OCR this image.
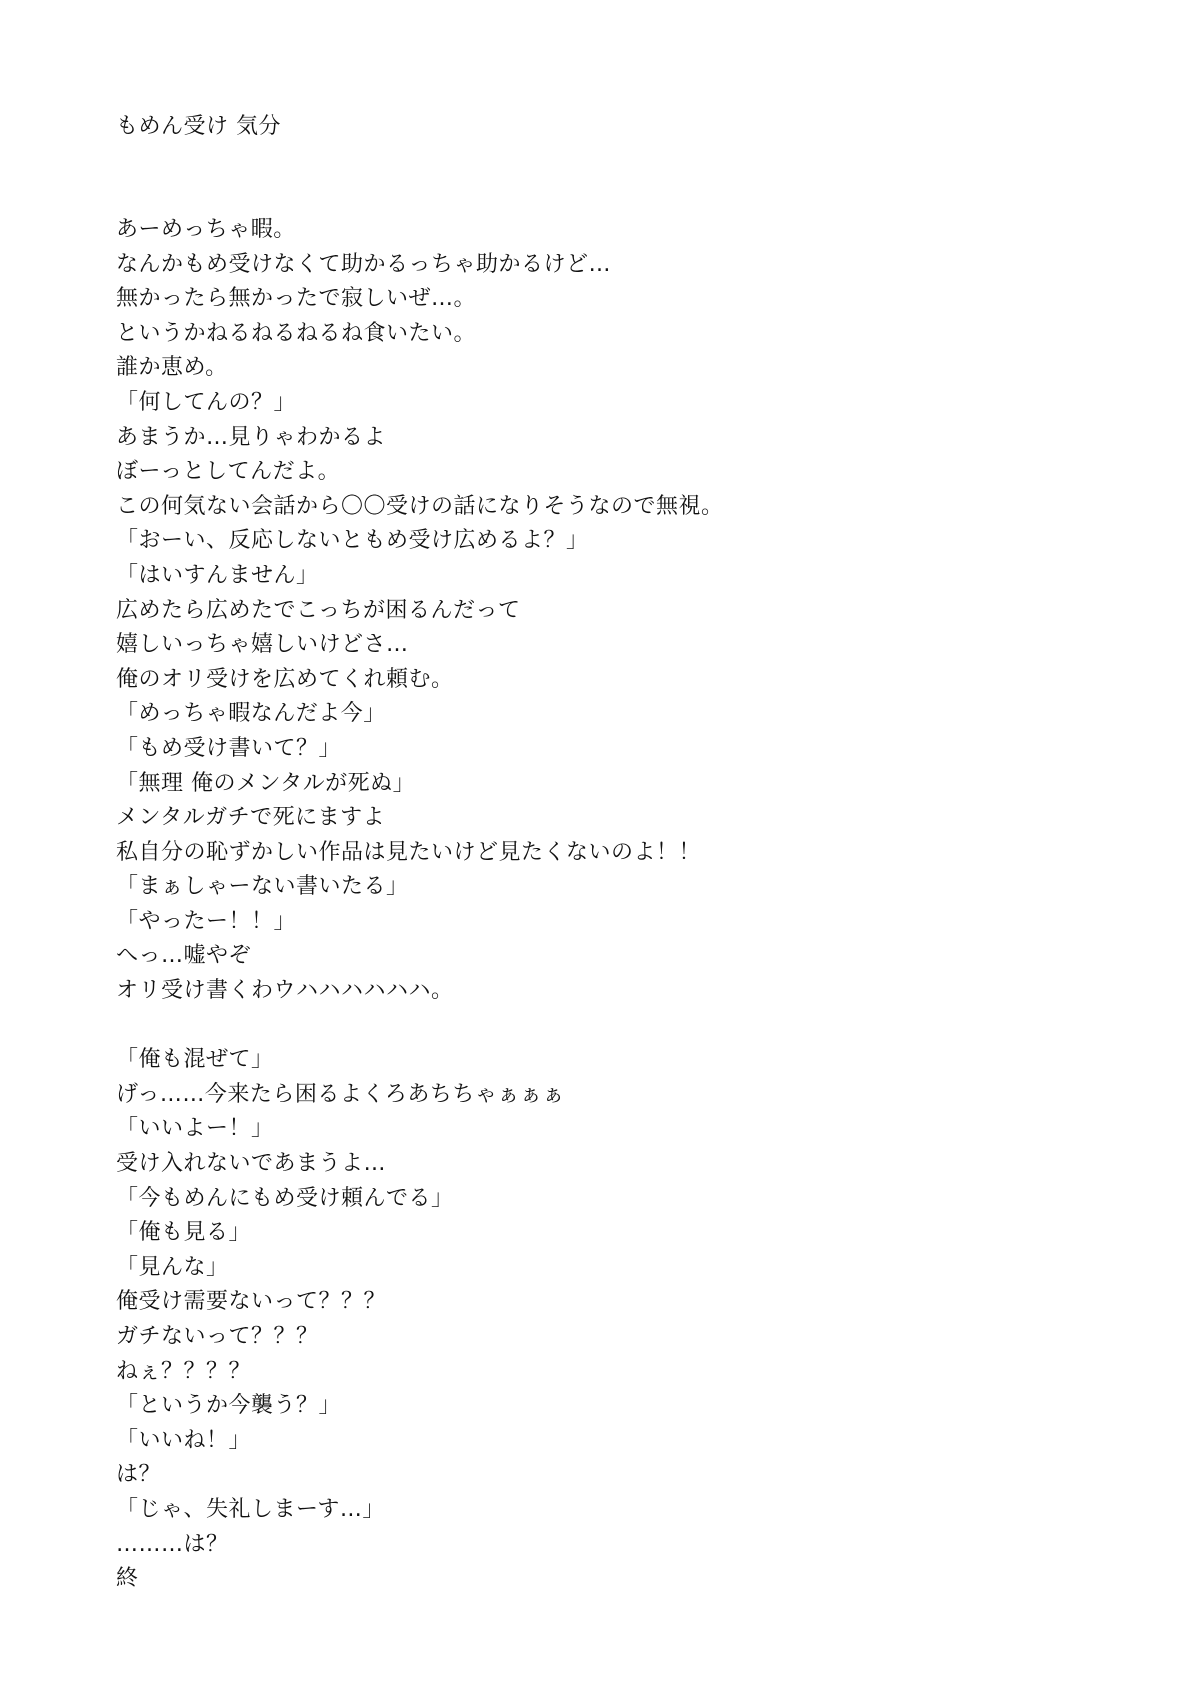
もめん受け 気分
あーめっちゃ暇。
なんかもめ受けなくて助かるっちゃ助かるけど…
無かったら無かったで寂しいぜ…。
というかねるねるねるね食いたい。
誰か恵め。
「何してんの？」
あまうか…見りゃわかるよ
ぼーっとしてんだよ。
この何気ない会話から〇〇受けの話になりそうなので無視。
「おーい、反応しないともめ受け広めるよ？」
「はいすんません」
広めたら広めたでこっちが困るんだって
嬉しいっちゃ嬉しいけどさ…
俺のオリ受けを広めてくれ頼む。
「めっちゃ暇なんだよ今」
「もめ受け書いて？」
「無理 俺のメンタルが死ぬ」
メンタルガチで死にますよ
私自分の恥ずかしい作品は見たいけど見たくないのよ！！
「まぁしゃーない書いたる」
「やったー！！」
へっ…嘘やぞ
オリ受け書くわウハハハハハハ。
「俺も混ぜて」
げっ……今来たら困るよくろあちちゃぁぁぁ
「いいよー！」
受け入れないであまうよ…
「今もめんにもめ受け頼んでる」
「俺も見る」
「見んな」
俺受け需要ないって？？？
ガチないって？？？
ねぇ？？？？
「というか今襲う？」
「いいね！」
は？
「じゃ、失礼しまーす…」
………は？
終
